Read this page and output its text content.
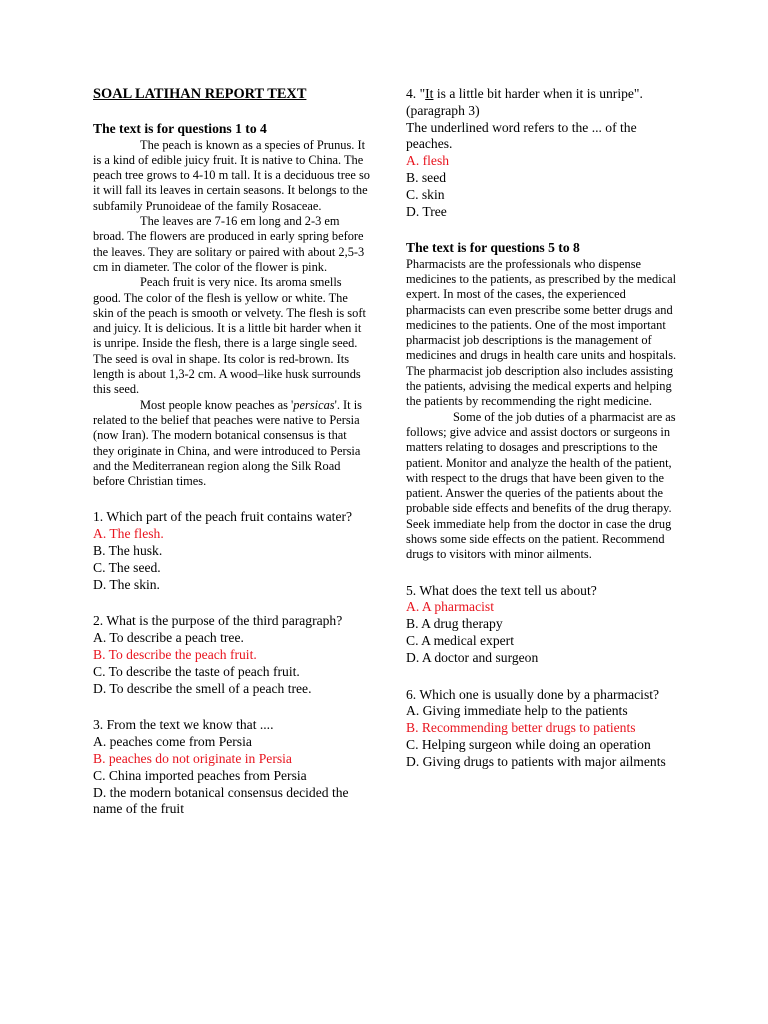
SOAL LATIHAN REPORT TEXT

The text is for questions 1 to 4

The peach is known as a species of Prunus. It is a kind of edible juicy fruit. It is native to China. The peach tree grows to 4-10 m tall. It is a deciduous tree so it will fall its leaves in certain seasons. It belongs to the subfamily Prunoideae of the family Rosaceae.

The leaves are 7-16 em long and 2-3 em broad. The flowers are produced in early spring before the leaves. They are solitary or paired with about 2,5-3 cm in diameter. The color of the flower is pink.

Peach fruit is very nice. Its aroma smells good. The color of the flesh is yellow or white. The skin of the peach is smooth or velvety. The flesh is soft and juicy. It is delicious. It is a little bit harder when it is unripe. Inside the flesh, there is a large single seed. The seed is oval in shape. Its color is red-brown. Its length is about 1,3-2 cm. A wood–like husk surrounds this seed.

Most people know peaches as 'persicas'. It is related to the belief that peaches were native to Persia (now Iran). The modern botanical consensus is that they originate in China, and were introduced to Persia and the Mediterranean region along the Silk Road before Christian times.

1. Which part of the peach fruit contains water?

A. The flesh.

B. The husk.

C. The seed.

D. The skin.

2. What is the purpose of the third paragraph?

A. To describe a peach tree.

B. To describe the peach fruit.

C. To describe the taste of peach fruit.

D. To describe the smell of a peach tree.

3. From the text we know that ....

A. peaches come from Persia

B. peaches do not originate in Persia

C. China imported peaches from Persia

D. the modern botanical consensus decided the name of the fruit

4. "It is a little bit harder when it is unripe". (paragraph 3)

The underlined word refers to the ... of the peaches.

A. flesh

B. seed

C. skin

D. Tree

The text is for questions 5 to 8

Pharmacists are the professionals who dispense medicines to the patients, as prescribed by the medical expert. In most of the cases, the experienced pharmacists can even prescribe some better drugs and medicines to the patients. One of the most important pharmacist job descriptions is the management of medicines and drugs in health care units and hospitals. The pharmacist job description also includes assisting the patients, advising the medical experts and helping the patients by recommending the right medicine.

Some of the job duties of a pharmacist are as follows; give advice and assist doctors or surgeons in matters relating to dosages and prescriptions to the patient. Monitor and analyze the health of the patient, with respect to the drugs that have been given to the patient. Answer the queries of the patients about the probable side effects and benefits of the drug therapy. Seek immediate help from the doctor in case the drug shows some side effects on the patient. Recommend drugs to visitors with minor ailments.

5. What does the text tell us about?

A. A pharmacist

B. A drug therapy

C. A medical expert

D. A doctor and surgeon

6. Which one is usually done by a pharmacist?

A. Giving immediate help to the patients

B. Recommending better drugs to patients

C. Helping surgeon while doing an operation

D. Giving drugs to patients with major ailments
